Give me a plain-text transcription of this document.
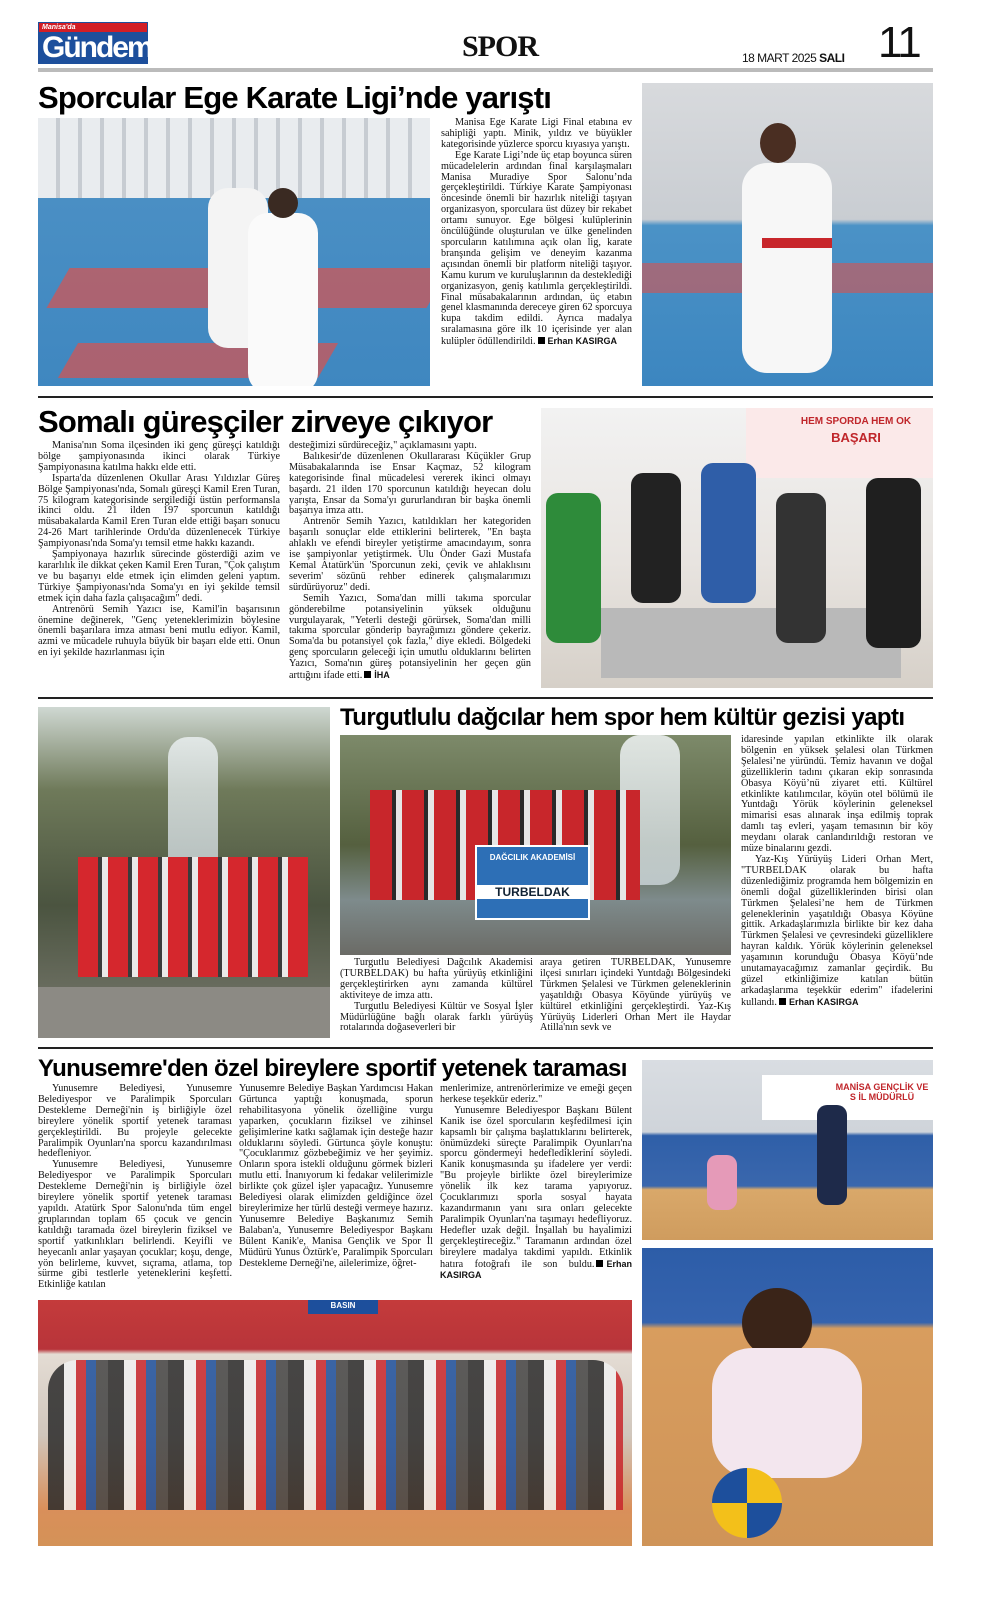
Manisa'da
Gündem	SPOR	18 MART 2025 SALI 11
Sporcular Ege Karate Ligi’nde yarıştı

Manisa Ege Karate Ligi Final etabına ev sahipliği yaptı. Minik, yıldız ve büyükler kategorisinde yüzlerce sporcu kıyasıya yarıştı.

Ege Karate Ligi’nde üç etap boyunca süren mücadelelerin ardından final karşılaşmaları Manisa Muradiye Spor Salonu’nda gerçekleştirildi. Türkiye Karate Şampiyonası öncesinde önemli bir hazırlık niteliği taşıyan organizasyon, sporculara üst düzey bir rekabet ortamı sunuyor. Ege bölgesi kulüplerinin öncülüğünde oluşturulan ve ülke genelinden sporcuların katılımına açık olan lig, karate branşında gelişim ve deneyim kazanma açısından önemli bir platform niteliği taşıyor. Kamu kurum ve kuruluşlarının da desteklediği organizasyon, geniş katılımla gerçekleştirildi. Final müsabakalarının ardından, üç etabın genel klasmanında dereceye giren 62 sporcuya kupa takdim edildi. Ayrıca madalya sıralamasına göre ilk 10 içerisinde yer alan kulüpler ödüllendirildi. Erhan KASIRGA

Somalı güreşçiler zirveye çıkıyor

Manisa'nın Soma ilçesinden iki genç güreşçi katıldığı bölge şampiyonasında ikinci olarak Türkiye Şampiyonasına katılma hakkı elde etti.

Isparta'da düzenlenen Okullar Arası Yıldızlar Güreş Bölge Şampiyonası'nda, Somalı güreşçi Kamil Eren Turan, 75 kilogram kategorisinde sergilediği üstün performansla ikinci oldu. 21 ilden 197 sporcunun katıldığı müsabakalarda Kamil Eren Turan elde ettiği başarı sonucu 24-26 Mart tarihlerinde Ordu'da düzenlenecek Türkiye Şampiyonası'nda Soma'yı temsil etme hakkı kazandı.

Şampiyonaya hazırlık sürecinde gösterdiği azim ve kararlılık ile dikkat çeken Kamil Eren Turan, "Çok çalıştım ve bu başarıyı elde etmek için elimden geleni yaptım. Türkiye Şampiyonası'nda Soma'yı en iyi şekilde temsil etmek için daha fazla çalışacağım" dedi.

Antrenörü Semih Yazıcı ise, Kamil'in başarısının önemine değinerek, "Genç yeteneklerimizin böylesine önemli başarılara imza atması beni mutlu ediyor. Kamil, azmi ve mücadele ruhuyla büyük bir başarı elde etti. Onun en iyi şekilde hazırlanması için

desteğimizi sürdüreceğiz," açıklamasını yaptı.

Balıkesir'de düzenlenen Okullararası Küçükler Grup Müsabakalarında ise Ensar Kaçmaz, 52 kilogram kategorisinde final mücadelesi vererek ikinci olmayı başardı. 21 ilden 170 sporcunun katıldığı heyecan dolu yarışta, Ensar da Soma'yı gururlandıran bir başka önemli başarıya imza attı.

Antrenör Semih Yazıcı, katıldıkları her kategoriden başarılı sonuçlar elde ettiklerini belirterek, "En başta ahlaklı ve efendi bireyler yetiştirme amacındayım, sonra ise şampiyonlar yetiştirmek. Ulu Önder Gazi Mustafa Kemal Atatürk'ün 'Sporcunun zeki, çevik ve ahlaklısını severim' sözünü rehber edinerek çalışmalarımızı sürdürüyoruz" dedi.

Semih Yazıcı, Soma'dan milli takıma sporcular gönderebilme potansiyelinin yüksek olduğunu vurgulayarak, "Yeterli desteği görürsek, Soma'dan milli takıma sporcular gönderip bayrağımızı göndere çekeriz. Soma'da bu potansiyel çok fazla," diye ekledi. Bölgedeki genç sporcuların geleceği için umutlu olduklarını belirten Yazıcı, Soma'nın güreş potansiyelinin her geçen gün arttığını ifade etti. İHA

HEM SPORDA HEM OK
BAŞARI
Turgutlulu dağcılar hem spor hem kültür gezisi yaptı
DAĞCILIK AKADEMİSİ
TURBELDAK

Turgutlu Belediyesi Dağcılık Akademisi (TURBELDAK) bu hafta yürüyüş etkinliğini gerçekleştirirken aynı zamanda kültürel aktiviteye de imza attı.

Turgutlu Belediyesi Kültür ve Sosyal İşler Müdürlüğüne bağlı olarak farklı yürüyüş rotalarında doğaseverleri bir

araya getiren TURBELDAK, Yunusemre ilçesi sınırları içindeki Yuntdağı Bölgesindeki Türkmen Şelalesi ve Türkmen geleneklerinin yaşatıldığı Obasya Köyünde yürüyüş ve kültürel etkinliğini gerçekleştirdi. Yaz-Kış Yürüyüş Liderleri Orhan Mert ile Haydar Atilla'nın sevk ve

idaresinde yapılan etkinlikte ilk olarak bölgenin en yüksek şelalesi olan Türkmen Şelalesi’ne yüründü. Temiz havanın ve doğal güzelliklerin tadını çıkaran ekip sonrasında Obasya Köyü’nü ziyaret etti. Kültürel etkinlikte katılımcılar, köyün otel bölümü ile Yuntdağı Yörük köylerinin geleneksel mimarisi esas alınarak inşa edilmiş toprak damlı taş evleri, yaşam temasının bir köy meydanı olarak canlandırıldığı restoran ve müze binalarını gezdi.

Yaz-Kış Yürüyüş Lideri Orhan Mert, "TURBELDAK olarak bu hafta düzenlediğimiz programda hem bölgemizin en önemli doğal güzelliklerinden birisi olan Türkmen Şelalesi’ne hem de Türkmen geleneklerinin yaşatıldığı Obasya Köyüne gittik. Arkadaşlarımızla birlikte bir kez daha Türkmen Şelalesi ve çevresindeki güzelliklere hayran kaldık. Yörük köylerinin geleneksel yaşamının korunduğu Obasya Köyü’nde unutamayacağımız zamanlar geçirdik. Bu güzel etkinliğimize katılan bütün arkadaşlarıma teşekkür ederim" ifadelerini kullandı. Erhan KASIRGA

Yunusemre'den özel bireylere sportif yetenek taraması

Yunusemre Belediyesi, Yunusemre Belediyespor ve Paralimpik Sporcuları Destekleme Derneği'nin iş birliğiyle özel bireylere yönelik sportif yetenek taraması gerçekleştirildi. Bu projeyle gelecekte Paralimpik Oyunları'na sporcu kazandırılması hedefleniyor.

Yunusemre Belediyesi, Yunusemre Belediyespor ve Paralimpik Sporcuları Destekleme Derneği'nin iş birliğiyle özel bireylere yönelik sportif yetenek taraması yapıldı. Atatürk Spor Salonu'nda tüm engel gruplarından toplam 65 çocuk ve gencin katıldığı taramada özel bireylerin fiziksel ve sportif yatkınlıkları belirlendi. Keyifli ve heyecanlı anlar yaşayan çocuklar; koşu, denge, yön belirleme, kuvvet, sıçrama, atlama, top sürme gibi testlerle yeteneklerini keşfetti. Etkinliğe katılan

Yunusemre Belediye Başkan Yardımcısı Hakan Gürtunca yaptığı konuşmada, sporun rehabilitasyona yönelik özelliğine vurgu yaparken, çocukların fiziksel ve zihinsel gelişimlerine katkı sağlamak için desteğe hazır olduklarını söyledi. Gürtunca şöyle konuştu: "Çocuklarımız gözbebeğimiz ve her şeyimiz. Onların spora istekli olduğunu görmek bizleri mutlu etti. İnanıyorum ki fedakar velilerimizle birlikte çok güzel işler yapacağız. Yunusemre Belediyesi olarak elimizden geldiğince özel bireylerimize her türlü desteği vermeye hazırız. Yunusemre Belediye Başkanımız Semih Balaban'a, Yunusemre Belediyespor Başkanı Bülent Kanik'e, Manisa Gençlik ve Spor İl Müdürü Yunus Öztürk'e, Paralimpik Sporcuları Destekleme Derneği'ne, ailelerimize, öğret-

menlerimize, antrenörlerimize ve emeği geçen herkese teşekkür ederiz."

Yunusemre Belediyespor Başkanı Bülent Kanik ise özel sporcuların keşfedilmesi için kapsamlı bir çalışma başlattıklarını belirterek, önümüzdeki süreçte Paralimpik Oyunları'na sporcu göndermeyi hedeflediklerini söyledi. Kanik konuşmasında şu ifadelere yer verdi: "Bu projeyle birlikte özel bireylerimize yönelik ilk kez tarama yapıyoruz. Çocuklarımızı sporla sosyal hayata kazandırmanın yanı sıra onları gelecekte Paralimpik Oyunları'na taşımayı hedefliyoruz. Hedefler uzak değil. İnşallah bu hayalimizi gerçekleştireceğiz." Taramanın ardından özel bireylere madalya takdimi yapıldı. Etkinlik hatıra fotoğrafı ile son buldu. Erhan KASIRGA

MANİSA GENÇLİK VE S İL MÜDÜRLÜ
BASIN
